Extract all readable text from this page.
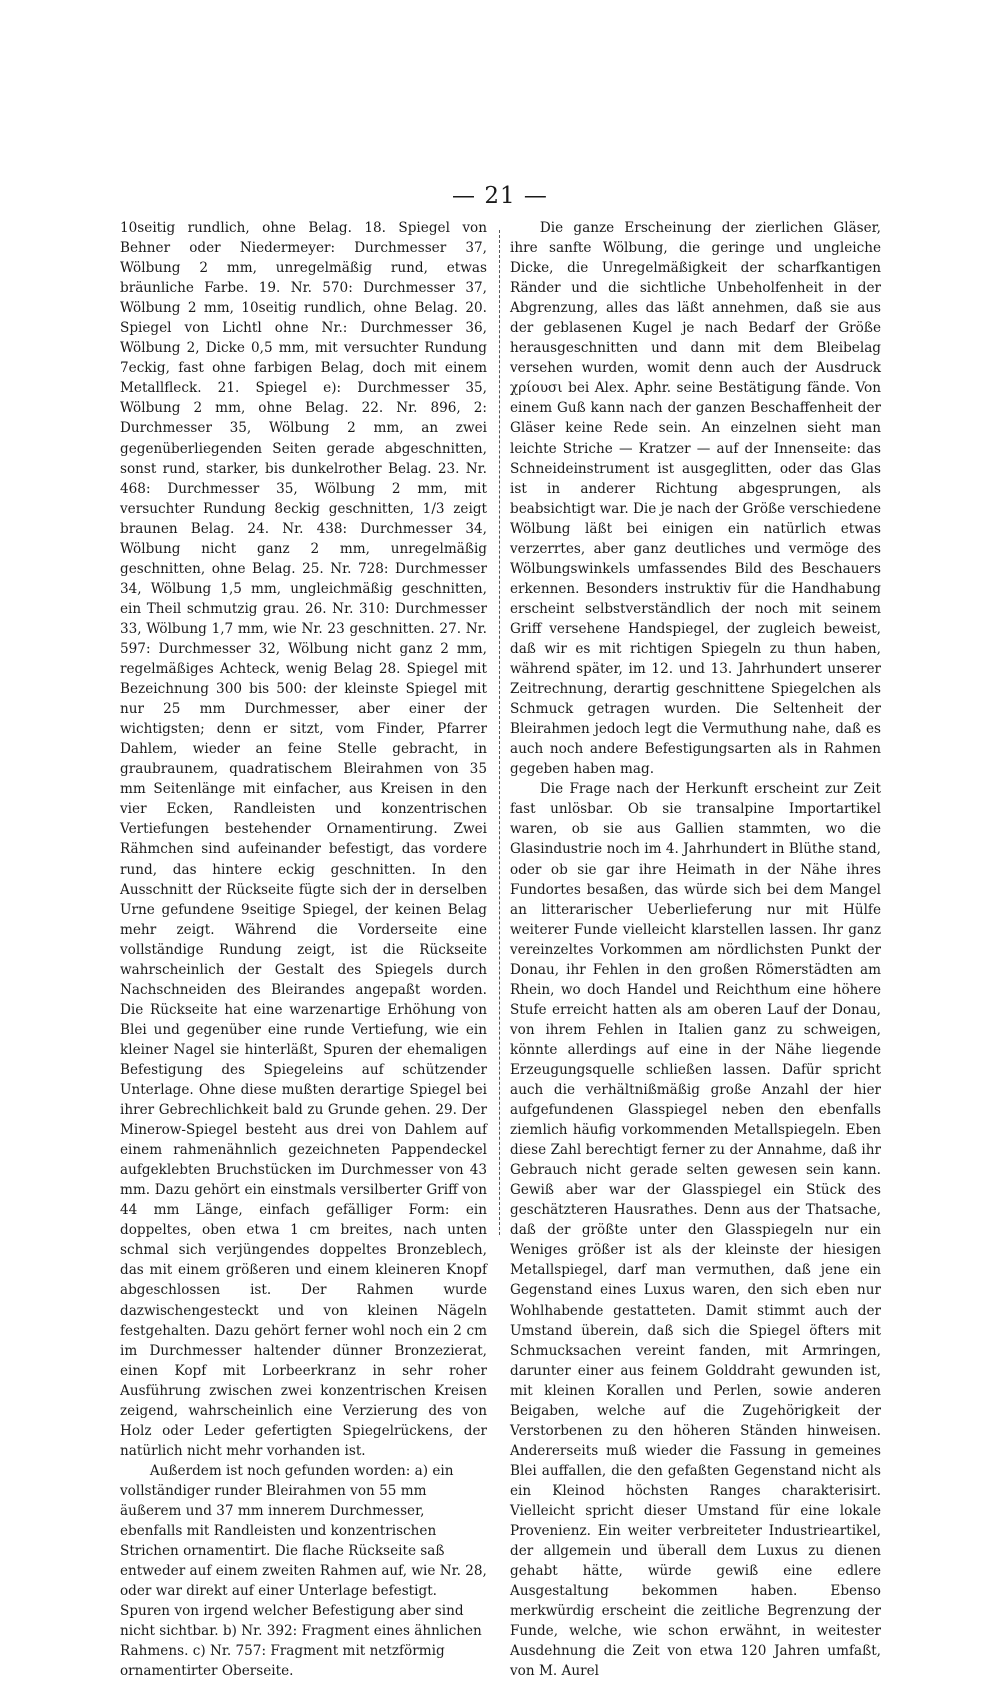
— 21 —

10seitig rundlich, ohne Belag. 18. Spiegel von Behner oder Niedermeyer: Durchmesser 37, Wölbung 2 mm, unregelmäßig rund, etwas bräunliche Farbe. 19. Nr. 570: Durchmesser 37, Wölbung 2 mm, 10seitig rundlich, ohne Belag. 20. Spiegel von Lichtl ohne Nr.: Durchmesser 36, Wölbung 2, Dicke 0,5 mm, mit versuchter Rundung 7eckig, fast ohne farbigen Belag, doch mit einem Metallfleck. 21. Spiegel e): Durchmesser 35, Wölbung 2 mm, ohne Belag. 22. Nr. 896, 2: Durchmesser 35, Wölbung 2 mm, an zwei gegenüberliegenden Seiten gerade abgeschnitten, sonst rund, starker, bis dunkelrother Belag. 23. Nr. 468: Durchmesser 35, Wölbung 2 mm, mit versuchter Rundung 8eckig geschnitten, 1/3 zeigt braunen Belag. 24. Nr. 438: Durchmesser 34, Wölbung nicht ganz 2 mm, unregelmäßig geschnitten, ohne Belag. 25. Nr. 728: Durchmesser 34, Wölbung 1,5 mm, ungleichmäßig geschnitten, ein Theil schmutzig grau. 26. Nr. 310: Durchmesser 33, Wölbung 1,7 mm, wie Nr. 23 geschnitten. 27. Nr. 597: Durchmesser 32, Wölbung nicht ganz 2 mm, regelmäßiges Achteck, wenig Belag 28. Spiegel mit Bezeichnung 300 bis 500: der kleinste Spiegel mit nur 25 mm Durchmesser, aber einer der wichtigsten; denn er sitzt, vom Finder, Pfarrer Dahlem, wieder an feine Stelle gebracht, in graubraunem, quadratischem Bleirahmen von 35 mm Seitenlänge mit einfacher, aus Kreisen in den vier Ecken, Randleisten und konzentrischen Vertiefungen bestehender Ornamentirung. Zwei Rähmchen sind aufeinander befestigt, das vordere rund, das hintere eckig geschnitten. In den Ausschnitt der Rückseite fügte sich der in derselben Urne gefundene 9seitige Spiegel, der keinen Belag mehr zeigt. Während die Vorderseite eine vollständige Rundung zeigt, ist die Rückseite wahrscheinlich der Gestalt des Spiegels durch Nachschneiden des Bleirandes angepaßt worden. Die Rückseite hat eine warzenartige Erhöhung von Blei und gegenüber eine runde Vertiefung, wie ein kleiner Nagel sie hinterläßt, Spuren der ehemaligen Befestigung des Spiegeleins auf schützender Unterlage. Ohne diese mußten derartige Spiegel bei ihrer Gebrechlichkeit bald zu Grunde gehen. 29. Der Minerow-Spiegel besteht aus drei von Dahlem auf einem rahmenähnlich gezeichneten Pappendeckel aufgeklebten Bruchstücken im Durchmesser von 43 mm. Dazu gehört ein einstmals versilberter Griff von 44 mm Länge, einfach gefälliger Form: ein doppeltes, oben etwa 1 cm breites, nach unten schmal sich verjüngendes doppeltes Bronzeblech, das mit einem größeren und einem kleineren Knopf abgeschlossen ist. Der Rahmen wurde dazwischengesteckt und von kleinen Nägeln festgehalten. Dazu gehört ferner wohl noch ein 2 cm im Durchmesser haltender dünner Bronzezierat, einen Kopf mit Lorbeerkranz in sehr roher Ausführung zwischen zwei konzentrischen Kreisen zeigend, wahrscheinlich eine Verzierung des von Holz oder Leder gefertigten Spiegelrückens, der natürlich nicht mehr vorhanden ist.

Außerdem ist noch gefunden worden: a) ein vollständiger runder Bleirahmen von 55 mm äußerem und 37 mm innerem Durchmesser, ebenfalls mit Randleisten und konzentrischen Strichen ornamentirt. Die flache Rückseite saß entweder auf einem zweiten Rahmen auf, wie Nr. 28, oder war direkt auf einer Unterlage befestigt. Spuren von irgend welcher Befestigung aber sind nicht sichtbar. b) Nr. 392: Fragment eines ähnlichen Rahmens. c) Nr. 757: Fragment mit netzförmig ornamentirter Oberseite.

Die ganze Erscheinung der zierlichen Gläser, ihre sanfte Wölbung, die geringe und ungleiche Dicke, die Unregelmäßigkeit der scharfkantigen Ränder und die sichtliche Unbeholfenheit in der Abgrenzung, alles das läßt annehmen, daß sie aus der geblasenen Kugel je nach Bedarf der Größe herausgeschnitten und dann mit dem Bleibelag versehen wurden, womit denn auch der Ausdruck χρίουσι bei Alex. Aphr. seine Bestätigung fände. Von einem Guß kann nach der ganzen Beschaffenheit der Gläser keine Rede sein. An einzelnen sieht man leichte Striche — Kratzer — auf der Innenseite: das Schneideinstrument ist ausgeglitten, oder das Glas ist in anderer Richtung abgesprungen, als beabsichtigt war. Die je nach der Größe verschiedene Wölbung läßt bei einigen ein natürlich etwas verzerrtes, aber ganz deutliches und vermöge des Wölbungswinkels umfassendes Bild des Beschauers erkennen. Besonders instruktiv für die Handhabung erscheint selbstverständlich der noch mit seinem Griff versehene Handspiegel, der zugleich beweist, daß wir es mit richtigen Spiegeln zu thun haben, während später, im 12. und 13. Jahrhundert unserer Zeitrechnung, derartig geschnittene Spiegelchen als Schmuck getragen wurden. Die Seltenheit der Bleirahmen jedoch legt die Vermuthung nahe, daß es auch noch andere Befestigungsarten als in Rahmen gegeben haben mag.

Die Frage nach der Herkunft erscheint zur Zeit fast unlösbar. Ob sie transalpine Importartikel waren, ob sie aus Gallien stammten, wo die Glasindustrie noch im 4. Jahrhundert in Blüthe stand, oder ob sie gar ihre Heimath in der Nähe ihres Fundortes besaßen, das würde sich bei dem Mangel an litterarischer Ueberlieferung nur mit Hülfe weiterer Funde vielleicht klarstellen lassen. Ihr ganz vereinzeltes Vorkommen am nördlichsten Punkt der Donau, ihr Fehlen in den großen Römerstädten am Rhein, wo doch Handel und Reichthum eine höhere Stufe erreicht hatten als am oberen Lauf der Donau, von ihrem Fehlen in Italien ganz zu schweigen, könnte allerdings auf eine in der Nähe liegende Erzeugungsquelle schließen lassen. Dafür spricht auch die verhältnißmäßig große Anzahl der hier aufgefundenen Glasspiegel neben den ebenfalls ziemlich häufig vorkommenden Metallspiegeln. Eben diese Zahl berechtigt ferner zu der Annahme, daß ihr Gebrauch nicht gerade selten gewesen sein kann. Gewiß aber war der Glasspiegel ein Stück des geschätzteren Hausrathes. Denn aus der Thatsache, daß der größte unter den Glasspiegeln nur ein Weniges größer ist als der kleinste der hiesigen Metallspiegel, darf man vermuthen, daß jene ein Gegenstand eines Luxus waren, den sich eben nur Wohlhabende gestatteten. Damit stimmt auch der Umstand überein, daß sich die Spiegel öfters mit Schmucksachen vereint fanden, mit Armringen, darunter einer aus feinem Golddraht gewunden ist, mit kleinen Korallen und Perlen, sowie anderen Beigaben, welche auf die Zugehörigkeit der Verstorbenen zu den höheren Ständen hinweisen. Andererseits muß wieder die Fassung in gemeines Blei auffallen, die den gefaßten Gegenstand nicht als ein Kleinod höchsten Ranges charakterisirt. Vielleicht spricht dieser Umstand für eine lokale Provenienz. Ein weiter verbreiteter Industrieartikel, der allgemein und überall dem Luxus zu dienen gehabt hätte, würde gewiß eine edlere Ausgestaltung bekommen haben. Ebenso merkwürdig erscheint die zeitliche Begrenzung der Funde, welche, wie schon erwähnt, in weitester Ausdehnung die Zeit von etwa 120 Jahren umfaßt, von M. Aurel
